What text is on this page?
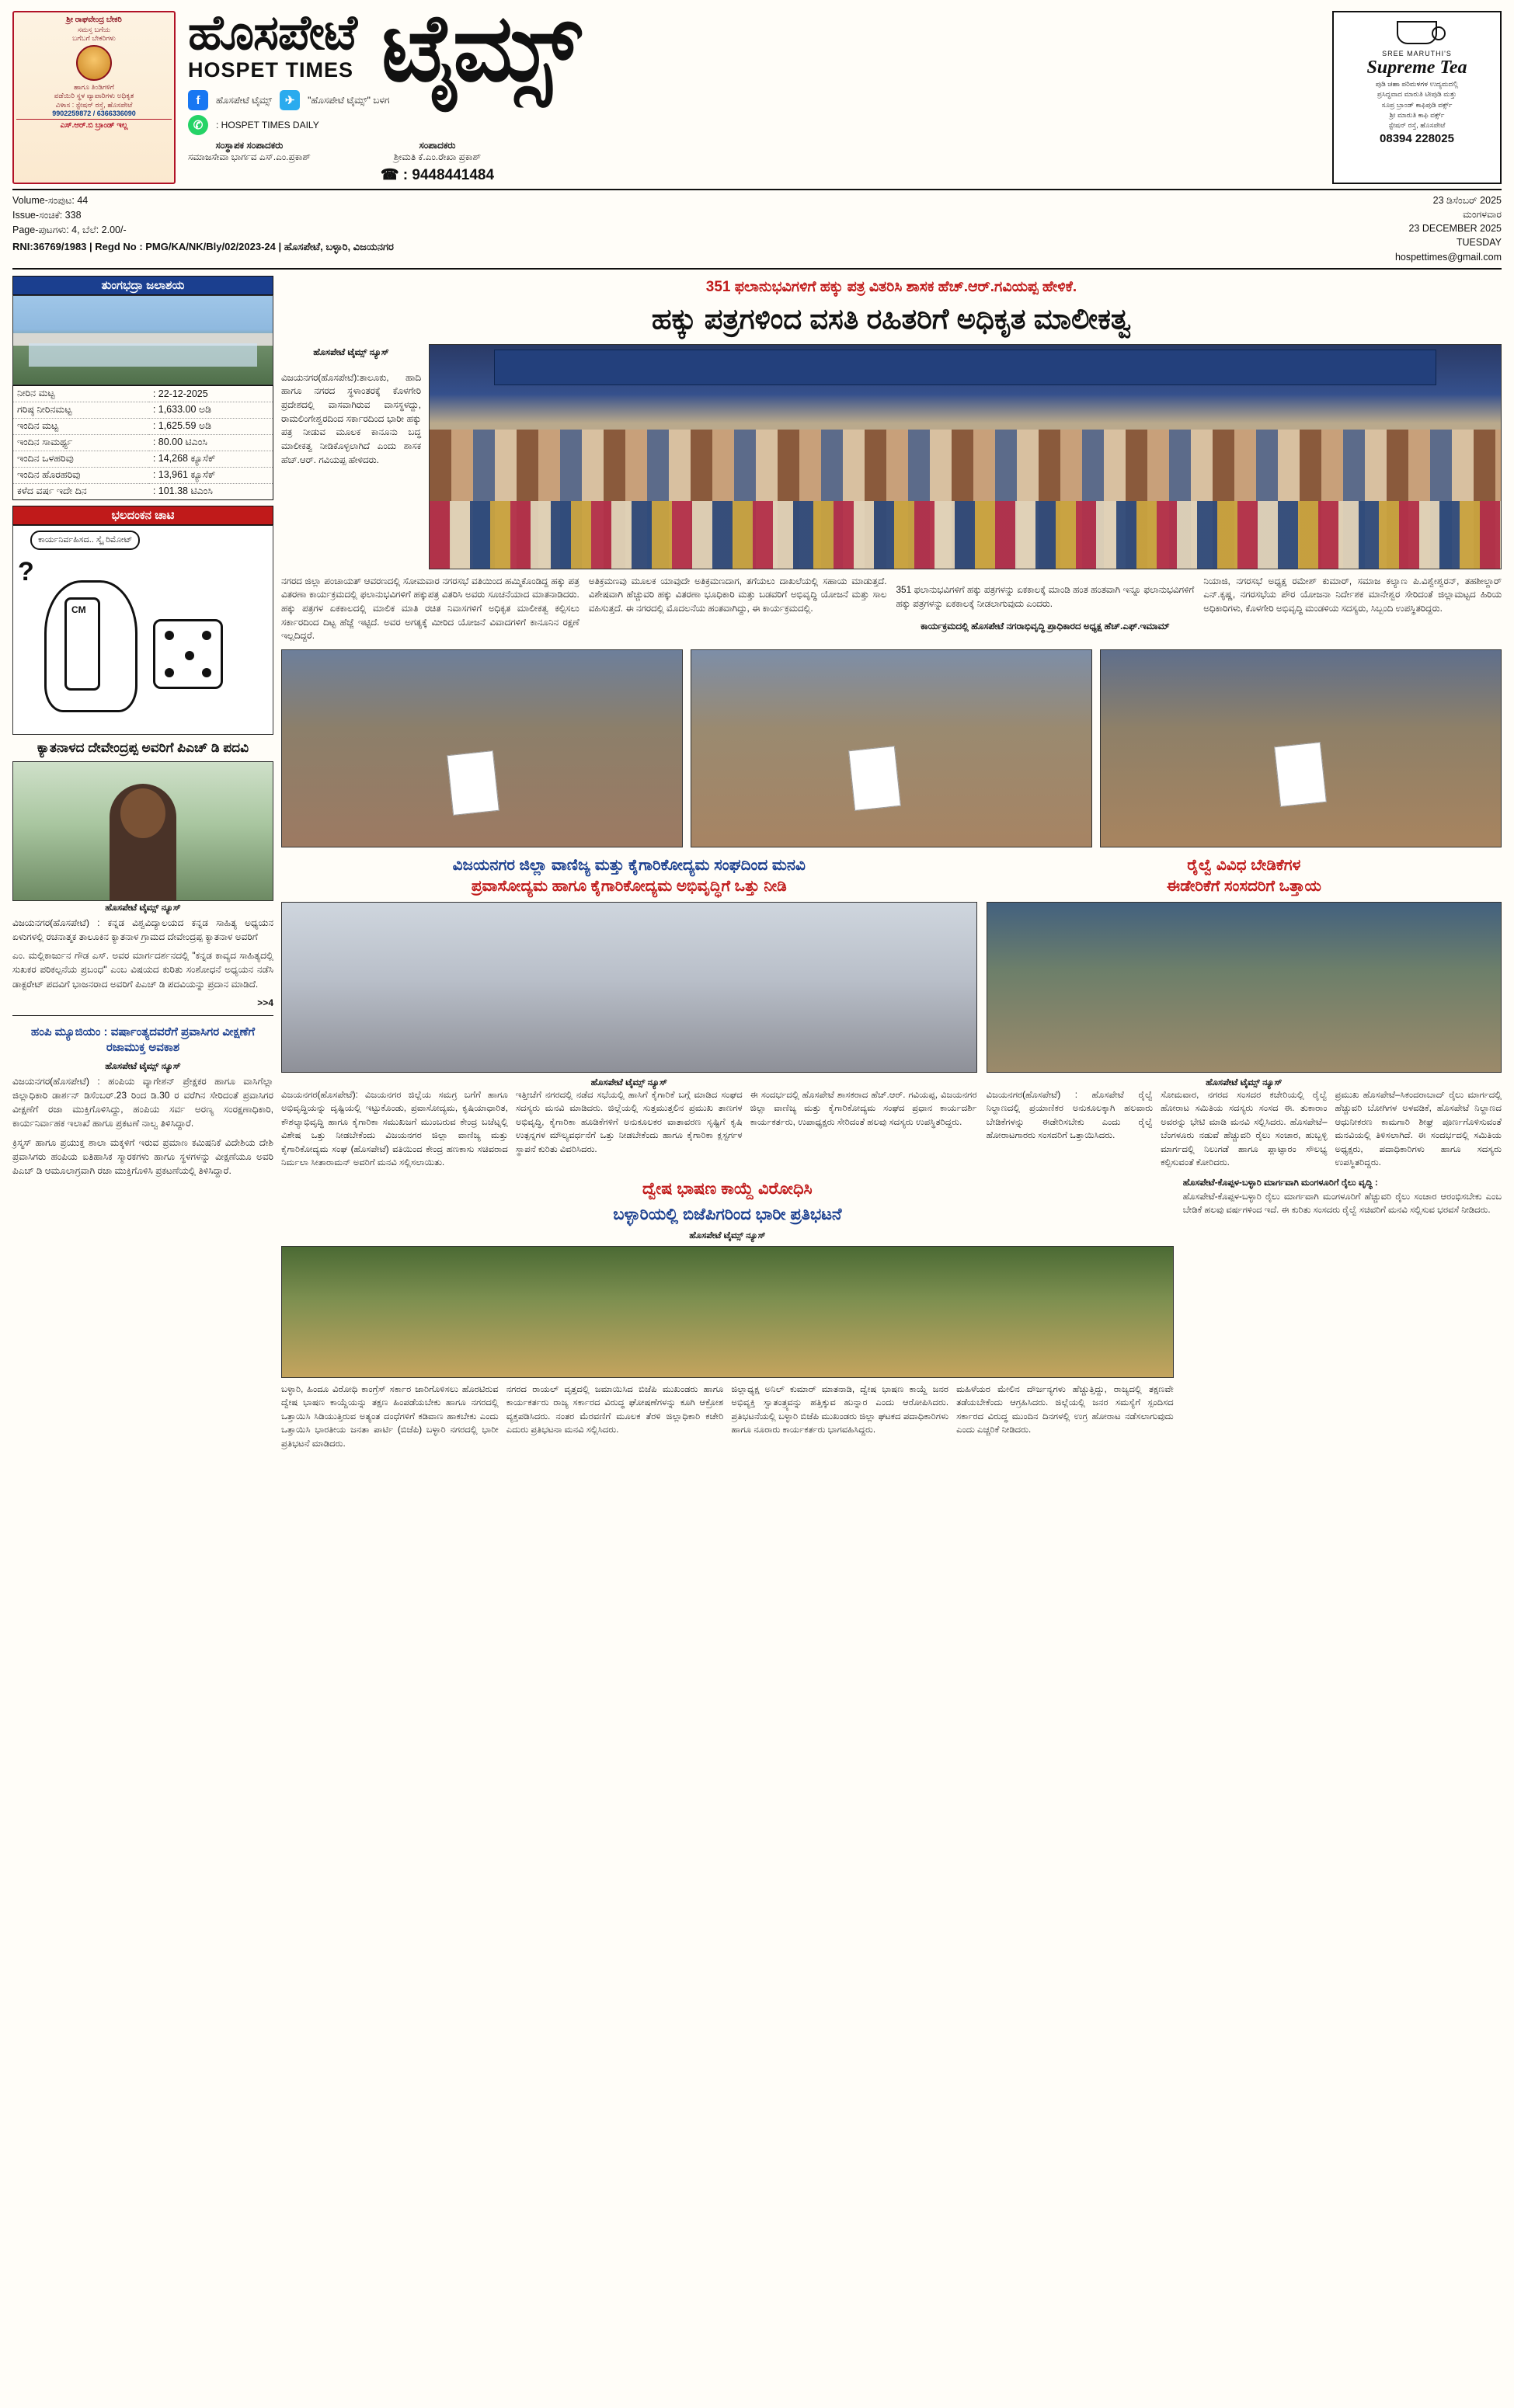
ಶ್ರೀ ರಾಘವೇಂದ್ರ ಬೇಕರಿ
ಸಮಸ್ತ ಬಗೆಯ
ಬಗೆಬಗೆ ಬೇಕರಿಗಳು
ಹಾಗೂ ತಿಂಡಿಗಳಿಗೆ
ಪಡೆಯಿರಿ ಸ್ಥಳ ವ್ಯಾಪಾರಿಗಳು ಅಧಿಕೃತ
ವಿಳಾಸ : ಸ್ಟೇಷನ್ ರಸ್ತೆ, ಹೊಸಪೇಟೆ
9902259872 / 6366336090
ಎಸ್.ಆರ್.ಬಿ ಬ್ರಾಂಡ್ ಇಲ್ಲ
ಹೊಸಪೇಟೆ
HOSPET TIMES ಟೈಮ್ಸ್
f	ಹೊಸಪೇಟೆ ಟೈಮ್ಸ್	✈	"ಹೊಸಪೇಟೆ ಟೈಮ್ಸ್" ಬಳಗ
✆	: HOSPET TIMES DAILY
ಸಂಸ್ಥಾಪಕ ಸಂಪಾದಕರು
ಸಮಾಜಸೇವಾ ಭಾರ್ಗವ ಎಸ್.ಎಂ.ಪ್ರಕಾಶ್
ಸಂಪಾದಕರು
ಶ್ರೀಮತಿ ಕೆ.ಎಂ.ರೇಖಾ ಪ್ರಕಾಶ್
☎ : 9448441484
SREE MARUTHI'S
Supreme Tea
ಪುಡಿ ಚಹಾ ಪರಿಮಳಗಳ ಉದ್ಯಮದಲ್ಲಿ
ಪ್ರಸಿದ್ಧವಾದ ಮಾರುತಿ ಟೀಪುಡಿ ಮತ್ತು
ಸೂಪ್ರ ಬ್ರಾಂಡ್ ಕಾಫಿಪುಡಿ ವರ್ಕ್ಸ್
ಶ್ರೀ ಮಾರುತಿ ಕಾಫಿ ವರ್ಕ್ಸ್
ಸ್ಟೇಷನ್ ರಸ್ತೆ, ಹೊಸಪೇಟೆ
08394 228025
Volume-ಸಂಪುಟ: 44
Issue-ಸಂಚಿಕೆ: 338
Page-ಪುಟಗಳು: 4, ಬೆಲೆ: 2.00/-
RNI:36769/1983 | Regd No : PMG/KA/NK/Bly/02/2023-24 | ಹೊಸಪೇಟೆ, ಬಳ್ಳಾರಿ, ವಿಜಯನಗರ
23 ಡಿಸೆಂಬರ್ 2025
ಮಂಗಳವಾರ
23 DECEMBER 2025
TUESDAY
hospettimes@gmail.com
ತುಂಗಭದ್ರಾ ಜಲಾಶಯ
ನೀರಿನ ಮಟ್ಟ	: 22-12-2025
ಗರಿಷ್ಠ ನೀರಿನಮಟ್ಟ	: 1,633.00 ಅಡಿ
ಇಂದಿನ ಮಟ್ಟ	: 1,625.59 ಅಡಿ
ಇಂದಿನ ಸಾಮರ್ಥ್ಯ	: 80.00 ಟಿಎಂಸಿ
ಇಂದಿನ ಒಳಹರಿವು	: 14,268 ಕ್ಯೂಸೆಕ್
ಇಂದಿನ ಹೊರಹರಿವು	: 13,961 ಕ್ಯೂಸೆಕ್
ಕಳೆದ ವರ್ಷ ಇದೇ ದಿನ	: 101.38 ಟಿಎಂಸಿ
ಭಲದಂಕನ ಚಾಟಿ
ಕಾರ್ಯನಿರ್ವಹಿಸದ.. ಸ್ಕೈ ರಿಮೋಟ್
?
CM
ಕ್ಯಾತನಾಳದ ದೇವೇಂದ್ರಪ್ಪ ಅವರಿಗೆ ಪಿಎಚ್ ಡಿ ಪದವಿ
ಹೊಸಪೇಟೆ ಟೈಮ್ಸ್ ನ್ಯೂಸ್

ವಿಜಯನಗರ(ಹೊಸಪೇಟೆ) : ಕನ್ನಡ ವಿಶ್ವವಿದ್ಯಾಲಯದ ಕನ್ನಡ ಸಾಹಿತ್ಯ ಅಧ್ಯಯನ ಏಳುಗಳಲ್ಲಿ ರಚನಾತ್ಮಕ ತಾಲೂಕಿನ ಕ್ಯಾತನಾಳ ಗ್ರಾಮದ ದೇವೇಂದ್ರಪ್ಪ ಕ್ಯಾತನಾಳ ಅವರಿಗೆ

ಎಂ. ಮಲ್ಲಿಕಾರ್ಜುನ ಗೌಡ ಎಸ್. ಅವರ ಮಾರ್ಗದರ್ಶನದಲ್ಲಿ "ಕನ್ನಡ ಕಾವ್ಯದ ಸಾಹಿತ್ಯದಲ್ಲಿ ಸುಖಕರ ಪರಿಕಲ್ಪನೆಯ ಪ್ರಬಂಧ" ಎಂಬ ವಿಷಯದ ಕುರಿತು ಸಂಶೋಧನೆ ಅಧ್ಯಯನ ನಡೆಸಿ ಡಾಕ್ಟರೇಟ್ ಪದವಿಗೆ ಭಾಜನರಾದ ಅವರಿಗೆ ಪಿಎಚ್ ಡಿ ಪದವಿಯನ್ನು ಪ್ರದಾನ ಮಾಡಿದೆ.

>>4

ಹಂಪಿ ಮ್ಯೂಜಿಯಂ : ವರ್ಷಾಂತ್ಯದವರೆಗೆ ಪ್ರವಾಸಿಗರ ವೀಕ್ಷಣೆಗೆ ರಜಾಮುಕ್ತ ಅವಕಾಶ
ಹೊಸಪೇಟೆ ಟೈಮ್ಸ್ ನ್ಯೂಸ್

ವಿಜಯನಗರ(ಹೊಸಪೇಟೆ) : ಹಂಪಿಯ ವ್ಯಾಗೇಶನ್ ಪ್ರೇಕ್ಷಕರ ಹಾಗೂ ವಾಸಿಗೆಲ್ಲಾ ಜಿಲ್ಲಾಧಿಕಾರಿ ಡಾರ್ಶನ್ ಡಿಸೆಂಬರ್.23 ರಿಂದ ಡಿ.30 ರ ವರೆಗಿನ ಸೇರಿದಂತೆ ಪ್ರವಾಸಿಗರ ವೀಕ್ಷಣೆಗೆ ರಜಾ ಮುಕ್ತಿಗೊಳಿಸಿದ್ದು, ಹಂಪಿಯ ಸರ್ವ ಅರಣ್ಯ ಸಂರಕ್ಷಣಾಧಿಕಾರಿ, ಕಾರ್ಯನಿರ್ವಾಹಕ ಇಲಾಖೆ ಹಾಗೂ ಪ್ರಕಟಣೆ ನಾಲ್ವ ತಿಳಿಸಿದ್ದಾರೆ.

ಕ್ರಿಸ್ಮಸ್ ಹಾಗೂ ಪ್ರಯುಕ್ತ ಶಾಲಾ ಮಕ್ಕಳಿಗೆ ಇರುವ ಪ್ರಮಾಣ ಕಮಿಷನಿಕೆ ವಿದೇಶಿಯ ದೇಶಿ ಪ್ರವಾಸಿಗರು ಹಂಪಿಯ ಐತಿಹಾಸಿಕ ಸ್ಮಾರಕಗಳು ಹಾಗೂ ಸ್ಥಳಗಳನ್ನು ವೀಕ್ಷಣೆಯೂ ಅವರಿ ಪಿಎಚ್ ಡಿ ಆಮೂಲಾಗ್ರವಾಗಿ ರಜಾ ಮುಕ್ತಿಗೊಳಿಸಿ ಪ್ರಕಟಣೆಯಲ್ಲಿ ತಿಳಿಸಿದ್ದಾರೆ.

351 ಫಲಾನುಭವಿಗಳಿಗೆ ಹಕ್ಕು ಪತ್ರ ವಿತರಿಸಿ ಶಾಸಕ ಹೆಚ್.ಆರ್.ಗವಿಯಪ್ಪ ಹೇಳಿಕೆ.
ಹಕ್ಕು ಪತ್ರಗಳಿಂದ ವಸತಿ ರಹಿತರಿಗೆ ಅಧಿಕೃತ ಮಾಲೀಕತ್ವ
ಹೊಸಪೇಟೆ ಟೈಮ್ಸ್ ನ್ಯೂಸ್

ವಿಜಯನಗರ(ಹೊಸಪೇಟೆ):ತಾಲೂಕು, ಹಾದಿ ಹಾಗೂ ನಗರದ ಸ್ಥಳಾಂತರಕ್ಕೆ ಕೊಳಗೇರಿ ಪ್ರದೇಶದಲ್ಲಿ ವಾಸವಾಗಿರುವ ವಾಸಸ್ಥಳದ್ದು, ರಾಮಲಿಂಗೇಶ್ವರದಿಂದ ಸರ್ಕಾರದಿಂದ ಭಾರೀ ಹಕ್ಕು ಪತ್ರ ನೀಡುವ ಮೂಲಕ ಕಾನೂನು ಬದ್ಧ ಮಾಲೀಕತ್ವ ನೀಡಿಕೊಳ್ಳಲಾಗಿದೆ ಎಂದು ಶಾಸಕ ಹೆಚ್.ಆರ್. ಗವಿಯಪ್ಪ ಹೇಳಿದರು.

ನಗರದ ಜಿಲ್ಲಾ ಪಂಚಾಯತ್ ಆವರಣದಲ್ಲಿ ಸೋಮವಾರ ನಗರಸಭೆ ವತಿಯಿಂದ ಹಮ್ಮಿಕೊಂಡಿದ್ದ ಹಕ್ಕು ಪತ್ರ ವಿತರಣಾ ಕಾರ್ಯಕ್ರಮದಲ್ಲಿ ಫಲಾನುಭವಿಗಳಿಗೆ ಹಕ್ಕುಪತ್ರ ವಿತರಿಸಿ ಅವರು ಸೂಚನೆಯಾದ ಮಾತನಾಡಿದರು. ಹಕ್ಕು ಪತ್ರಗಳ ಏಕಕಾಲದಲ್ಲಿ ಮಾಲಿಕ ಮಾತಿ ರಚಿತ ನಿವಾಸಗಳಿಗೆ ಅಧಿಕೃತ ಮಾಲೀಕತ್ವ ಕಲ್ಪಿಸಲು ಸರ್ಕಾರದಿಂದ ದಿಟ್ಟ ಹೆಜ್ಜೆ ಇಟ್ಟಿದೆ. ಅವರ ಅಗತ್ಯಕ್ಕೆ ಮೀರಿದ ಯೋಜನೆ ವಿವಾದಗಳಿಗೆ ಕಾನೂನಿನ ರಕ್ಷಣೆ ಇಲ್ಲದಿದ್ದರೆ.
ಅತಿಕ್ರಮಣವು ಮೂಲಕ ಯಾವುದೇ ಅತಿಕ್ರಮಣದಾಗ, ತಗೆಯಲು ದಾಖಲೆಯಲ್ಲಿ ಸಹಾಯ ಮಾಡುತ್ತದೆ. ವಿಶೇಷವಾಗಿ ಹೆಚ್ಚುವರಿ ಹಕ್ಕು ವಿತರಣಾ ಭೂಧಿಕಾರಿ ಮತ್ತು ಬಡವರಿಗೆ ಅಭಿವೃದ್ಧಿ ಯೋಜನೆ ಮತ್ತು ಸಾಲ ವಹಿಸುತ್ತದೆ. ಈ ನಗರದಲ್ಲಿ ಮೊದಲನೆಯ ಹಂತವಾಗಿದ್ದು, ಈ ಕಾರ್ಯಕ್ರಮದಲ್ಲಿ.

351 ಫಲಾನುಭವಿಗಳಿಗೆ ಹಕ್ಕು ಪತ್ರಗಳನ್ನು ಏಕಕಾಲಕ್ಕೆ ಮಾಂಡಿ ಹಂತ ಹಂತವಾಗಿ ಇನ್ನೂ ಫಲಾನುಭವಿಗಳಿಗೆ ಹಕ್ಕು ಪತ್ರಗಳನ್ನು ಏಕಕಾಲಕ್ಕೆ ನೀಡಲಾಗುವುದು ಎಂದರು.

ಕಾರ್ಯಕ್ರಮದಲ್ಲಿ ಹೊಸಪೇಟೆ ನಗರಾಭಿವೃದ್ಧಿ ಪ್ರಾಧಿಕಾರದ ಅಧ್ಯಕ್ಷ ಹೆಚ್.ಎಫ್.ಇಮಾಮ್

ನಿಯಾಜಿ, ನಗರಸಭೆ ಅಧ್ಯಕ್ಷ ರಮೇಶ್ ಕುಮಾರ್, ಸಮಾಜ ಕಲ್ಯಾಣ ಪಿ.ವಿಶ್ವೇಶ್ವರನ್, ತಹಶೀಲ್ದಾರ್ ಎನ್.ಕೃಷ್ಣ, ನಗರಸಭೆಯ ಪೌರ ಯೋಜನಾ ನಿರ್ದೇಶಕ ಮಾನೇಶ್ವರ ಸೇರಿದಂತೆ ಜಿಲ್ಲಾಮಟ್ಟದ ಹಿರಿಯ ಅಧಿಕಾರಿಗಳು, ಕೊಳಗೇರಿ ಅಭಿವೃದ್ಧಿ ಮಂಡಳಿಯ ಸದಸ್ಯರು, ಸಿಬ್ಬಂದಿ ಉಪಸ್ಥಿತರಿದ್ದರು.
ವಿಜಯನಗರ ಜಿಲ್ಲಾ ವಾಣಿಜ್ಯ ಮತ್ತು ಕೈಗಾರಿಕೋದ್ಯಮ ಸಂಘದಿಂದ ಮನವಿ
ಪ್ರವಾಸೋದ್ಯಮ ಹಾಗೂ ಕೈಗಾರಿಕೋದ್ಯಮ ಅಭಿವೃದ್ಧಿಗೆ ಒತ್ತು ನೀಡಿ
ಹೊಸಪೇಟೆ ಟೈಮ್ಸ್ ನ್ಯೂಸ್
ವಿಜಯನಗರ(ಹೊಸಪೇಟೆ): ವಿಜಯನಗರ ಜಿಲ್ಲೆಯ ಸಮಗ್ರ ಬಗೆಗೆ ಹಾಗೂ ಅಭಿವೃದ್ಧಿಯನ್ನು ದೃಷ್ಟಿಯಲ್ಲಿ ಇಟ್ಟುಕೊಂಡು, ಪ್ರವಾಸೋದ್ಯಮ, ಕೃಷಿಯಾಧಾರಿತ, ಕೌಶಲ್ಯಾಭಿವೃದ್ಧಿ ಹಾಗೂ ಕೈಗಾರಿಕಾ ಸಮುಖಜಗೆ ಮುಂಬರುವ ಕೇಂದ್ರ ಬಜೆಟ್ನಲ್ಲಿ ವಿಶೇಷ ಒತ್ತು ನೀಡಬೇಕೆಂದು ವಿಜಯನಗರ ಜಿಲ್ಲಾ ವಾಣಿಜ್ಯ ಮತ್ತು ಕೈಗಾರಿಕೋದ್ಯಮ ಸಂಘ (ಹೊಸಪೇಟೆ) ವತಿಯಿಂದ ಕೇಂದ್ರ ಹಣಕಾಸು ಸಚಿವರಾದ ನಿರ್ಮಲಾ ಸೀತಾರಾಮನ್ ಅವರಿಗೆ ಮನವಿ ಸಲ್ಲಿಸಲಾಯಿತು.
ಇತ್ತೀಚೆಗೆ ನಗರದಲ್ಲಿ ನಡೆದ ಸಭೆಯಲ್ಲಿ ಹಾಸಿಗೆ ಕೈಗಾರಿಕೆ ಬಗ್ಗೆ ಮಾಡಿದ ಸಂಘದ ಸದಸ್ಯರು ಮನವಿ ಮಾಡಿದರು. ಜಿಲ್ಲೆಯಲ್ಲಿ ಸುತ್ತಮುತ್ತಲಿನ ಪ್ರಮುಖ ತಾಣಗಳ ಅಭಿವೃದ್ಧಿ, ಕೈಗಾರಿಕಾ ಹೂಡಿಕೆಗಳಿಗೆ ಅನುಕೂಲಕರ ವಾತಾವರಣ ಸೃಷ್ಟಿಗೆ ಕೃಷಿ ಉತ್ಪನ್ನಗಳ ಮೌಲ್ಯವರ್ಧನೆಗೆ ಒತ್ತು ನೀಡಬೇಕೆಂದು ಹಾಗೂ ಕೈಗಾರಿಕಾ ಕ್ಲಸ್ಟರ್ಗಳ ಸ್ಥಾಪನೆ ಕುರಿತು ವಿವರಿಸಿದರು.
ಈ ಸಂದರ್ಭದಲ್ಲಿ ಹೊಸಪೇಟೆ ಶಾಸಕರಾದ ಹೆಚ್.ಆರ್. ಗವಿಯಪ್ಪ, ವಿಜಯನಗರ ಜಿಲ್ಲಾ ವಾಣಿಜ್ಯ ಮತ್ತು ಕೈಗಾರಿಕೋದ್ಯಮ ಸಂಘದ ಪ್ರಧಾನ ಕಾರ್ಯದರ್ಶಿ ಕಾರ್ಯಕರ್ತರು, ಉಪಾಧ್ಯಕ್ಷರು ಸೇರಿದಂತೆ ಹಲವು ಸದಸ್ಯರು ಉಪಸ್ಥಿತರಿದ್ದರು.
ರೈಲ್ವೆ ವಿವಿಧ ಬೇಡಿಕೆಗಳ
ಈಡೇರಿಕೆಗೆ ಸಂಸದರಿಗೆ ಒತ್ತಾಯ
ಹೊಸಪೇಟೆ ಟೈಮ್ಸ್ ನ್ಯೂಸ್
ವಿಜಯನಗರ(ಹೊಸಪೇಟೆ) : ಹೊಸಪೇಟೆ ರೈಲ್ವೆ ನಿಲ್ದಾಣದಲ್ಲಿ ಪ್ರಯಾಣಿಕರ ಅನುಕೂಲಕ್ಕಾಗಿ ಹಲವಾರು ಬೇಡಿಕೆಗಳನ್ನು ಈಡೇರಿಸಬೇಕು ಎಂದು ರೈಲ್ವೆ ಹೋರಾಟಗಾರರು ಸಂಸದರಿಗೆ ಒತ್ತಾಯಿಸಿದರು.
ಸೋಮವಾರ, ನಗರದ ಸಂಸದರ ಕಚೇರಿಯಲ್ಲಿ ರೈಲ್ವೆ ಹೋರಾಟ ಸಮಿತಿಯ ಸದಸ್ಯರು ಸಂಸದ ಈ. ತುಕಾರಾಂ ಅವರನ್ನು ಭೇಟಿ ಮಾಡಿ ಮನವಿ ಸಲ್ಲಿಸಿದರು. ಹೊಸಪೇಟೆ–ಬೆಂಗಳೂರು ನಡುವೆ ಹೆಚ್ಚುವರಿ ರೈಲು ಸಂಚಾರ, ಹುಬ್ಬಳ್ಳಿ ಮಾರ್ಗದಲ್ಲಿ ನಿಲುಗಡೆ ಹಾಗೂ ಪ್ಲಾಟ್ಫಾರಂ ಸೌಲಭ್ಯ ಕಲ್ಪಿಸುವಂತೆ ಕೋರಿದರು.
ಪ್ರಮುಖ ಹೊಸಪೇಟೆ–ಸಿಕಂದರಾಬಾದ್ ರೈಲು ಮಾರ್ಗದಲ್ಲಿ ಹೆಚ್ಚುವರಿ ಬೋಗಿಗಳ ಅಳವಡಿಕೆ, ಹೊಸಪೇಟೆ ನಿಲ್ದಾಣದ ಆಧುನೀಕರಣ ಕಾಮಗಾರಿ ಶೀಘ್ರ ಪೂರ್ಣಗೊಳಿಸುವಂತೆ ಮನವಿಯಲ್ಲಿ ತಿಳಿಸಲಾಗಿದೆ. ಈ ಸಂದರ್ಭದಲ್ಲಿ ಸಮಿತಿಯ ಅಧ್ಯಕ್ಷರು, ಪದಾಧಿಕಾರಿಗಳು ಹಾಗೂ ಸದಸ್ಯರು ಉಪಸ್ಥಿತರಿದ್ದರು.
ದ್ವೇಷ ಭಾಷಣ ಕಾಯ್ದೆ ವಿರೋಧಿಸಿ
ಬಳ್ಳಾರಿಯಲ್ಲಿ ಬಿಜೆಪಿಗರಿಂದ ಭಾರೀ ಪ್ರತಿಭಟನೆ
ಹೊಸಪೇಟೆ ಟೈಮ್ಸ್ ನ್ಯೂಸ್
ಬಳ್ಳಾರಿ, ಹಿಂದೂ ವಿರೋಧಿ ಕಾಂಗ್ರೆಸ್ ಸರ್ಕಾರ ಜಾರಿಗೊಳಿಸಲು ಹೊರಟಿರುವ ದ್ವೇಷ ಭಾಷಣ ಕಾಯ್ದೆಯನ್ನು ತಕ್ಷಣ ಹಿಂಪಡೆಯಬೇಕು ಹಾಗೂ ನಗರದಲ್ಲಿ ಒತ್ತಾಯಿಸಿ ಸಿಡಿಯುತ್ತಿರುವ ಅತ್ಯಂತ ದಂಧೆಗಳಿಗೆ ಕಡಿವಾಣ ಹಾಕಬೇಕು ಎಂದು ಒತ್ತಾಯಿಸಿ ಭಾರತೀಯ ಜನತಾ ಪಾರ್ಟಿ (ಬಿಜೆಪಿ) ಬಳ್ಳಾರಿ ನಗರದಲ್ಲಿ ಭಾರೀ ಪ್ರತಿಭಟನೆ ಮಾಡಿದರು.
ನಗರದ ರಾಯಲ್ ವೃತ್ತದಲ್ಲಿ ಜಮಾಯಿಸಿದ ಬಿಜೆಪಿ ಮುಖಂಡರು ಹಾಗೂ ಕಾರ್ಯಕರ್ತರು ರಾಜ್ಯ ಸರ್ಕಾರದ ವಿರುದ್ಧ ಘೋಷಣೆಗಳನ್ನು ಕೂಗಿ ಆಕ್ರೋಶ ವ್ಯಕ್ತಪಡಿಸಿದರು. ನಂತರ ಮೆರವಣಿಗೆ ಮೂಲಕ ತೆರಳಿ ಜಿಲ್ಲಾಧಿಕಾರಿ ಕಚೇರಿ ಎದುರು ಪ್ರತಿಭಟನಾ ಮನವಿ ಸಲ್ಲಿಸಿದರು.
ಜಿಲ್ಲಾಧ್ಯಕ್ಷ ಅನಿಲ್ ಕುಮಾರ್ ಮಾತನಾಡಿ, ದ್ವೇಷ ಭಾಷಣ ಕಾಯ್ದೆ ಜನರ ಅಭಿವ್ಯಕ್ತಿ ಸ್ವಾತಂತ್ರ್ಯವನ್ನು ಹತ್ತಿಕ್ಕುವ ಹುನ್ನಾರ ಎಂದು ಆರೋಪಿಸಿದರು. ಪ್ರತಿಭಟನೆಯಲ್ಲಿ ಬಳ್ಳಾರಿ ಬಿಜೆಪಿ ಮುಖಂಡರು ಜಿಲ್ಲಾ ಘಟಕದ ಪದಾಧಿಕಾರಿಗಳು ಹಾಗೂ ನೂರಾರು ಕಾರ್ಯಕರ್ತರು ಭಾಗವಹಿಸಿದ್ದರು.
ಮಹಿಳೆಯರ ಮೇಲಿನ ದೌರ್ಜನ್ಯಗಳು ಹೆಚ್ಚುತ್ತಿದ್ದು, ರಾಜ್ಯದಲ್ಲಿ ತಕ್ಷಣವೇ ತಡೆಯಬೇಕೆಂದು ಆಗ್ರಹಿಸಿದರು. ಜಿಲ್ಲೆಯಲ್ಲಿ ಜನರ ಸಮಸ್ಯೆಗೆ ಸ್ಪಂದಿಸದ ಸರ್ಕಾರದ ವಿರುದ್ಧ ಮುಂದಿನ ದಿನಗಳಲ್ಲಿ ಉಗ್ರ ಹೋರಾಟ ನಡೆಸಲಾಗುವುದು ಎಂದು ಎಚ್ಚರಿಕೆ ನೀಡಿದರು.
ಹೊಸಪೇಟೆ-ಕೊಪ್ಪಳ-ಬಳ್ಳಾರಿ ಮಾರ್ಗವಾಗಿ ಮಂಗಳೂರಿಗೆ ರೈಲು ವೃದ್ಧಿ :
ಹೊಸಪೇಟೆ-ಕೊಪ್ಪಳ-ಬಳ್ಳಾರಿ ರೈಲು ಮಾರ್ಗವಾಗಿ ಮಂಗಳೂರಿಗೆ ಹೆಚ್ಚುವರಿ ರೈಲು ಸಂಚಾರ ಆರಂಭಿಸಬೇಕು ಎಂಬ ಬೇಡಿಕೆ ಹಲವು ವರ್ಷಗಳಿಂದ ಇದೆ. ಈ ಕುರಿತು ಸಂಸದರು ರೈಲ್ವೆ ಸಚಿವರಿಗೆ ಮನವಿ ಸಲ್ಲಿಸುವ ಭರವಸೆ ನೀಡಿದರು.
